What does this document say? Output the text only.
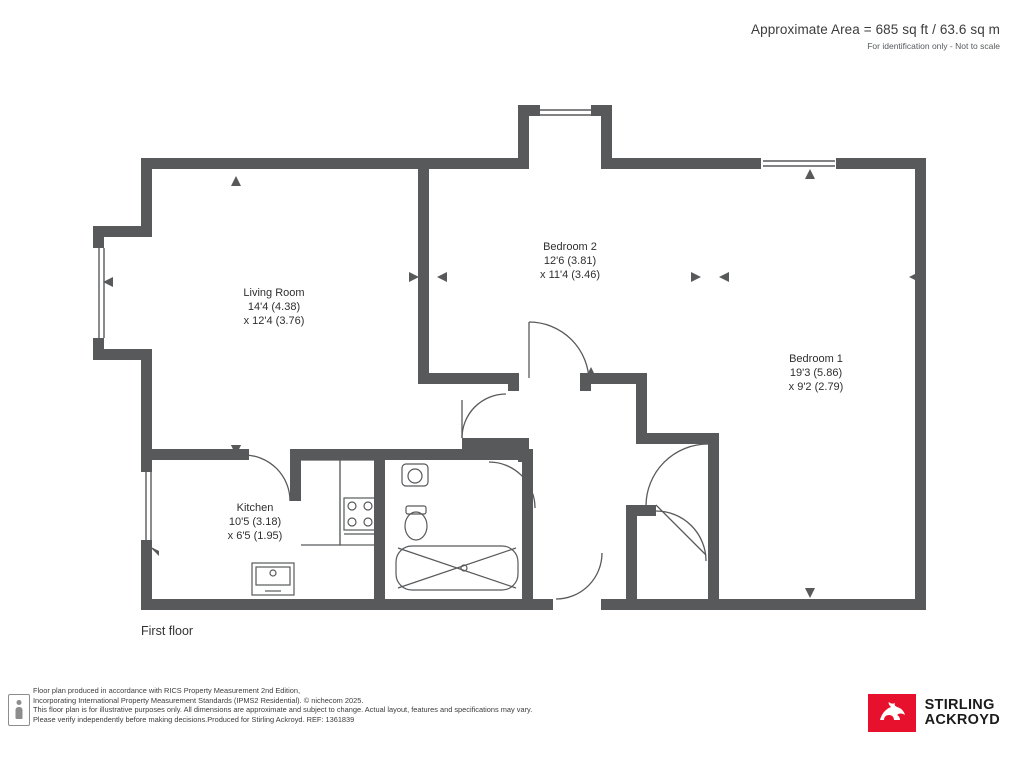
Approximate Area = 685 sq ft / 63.6 sq m
For identification only - Not to scale
Living Room
14'4 (4.38)
x 12'4 (3.76)
Bedroom 2
12'6 (3.81)
x 11'4 (3.46)
Bedroom 1
19'3 (5.86)
x 9'2 (2.79)
Kitchen
10'5 (3.18)
x 6'5 (1.95)
First floor
Floor plan produced in accordance with RICS Property Measurement 2nd Edition,
Incorporating International Property Measurement Standards (IPMS2 Residential). © nichecom 2025.
This floor plan is for illustrative purposes only. All dimensions are approximate and subject to change. Actual layout, features and specifications may vary.
Please verify independently before making decisions.Produced for Stirling Ackroyd. REF: 1361839
STIRLING
ACKROYD
